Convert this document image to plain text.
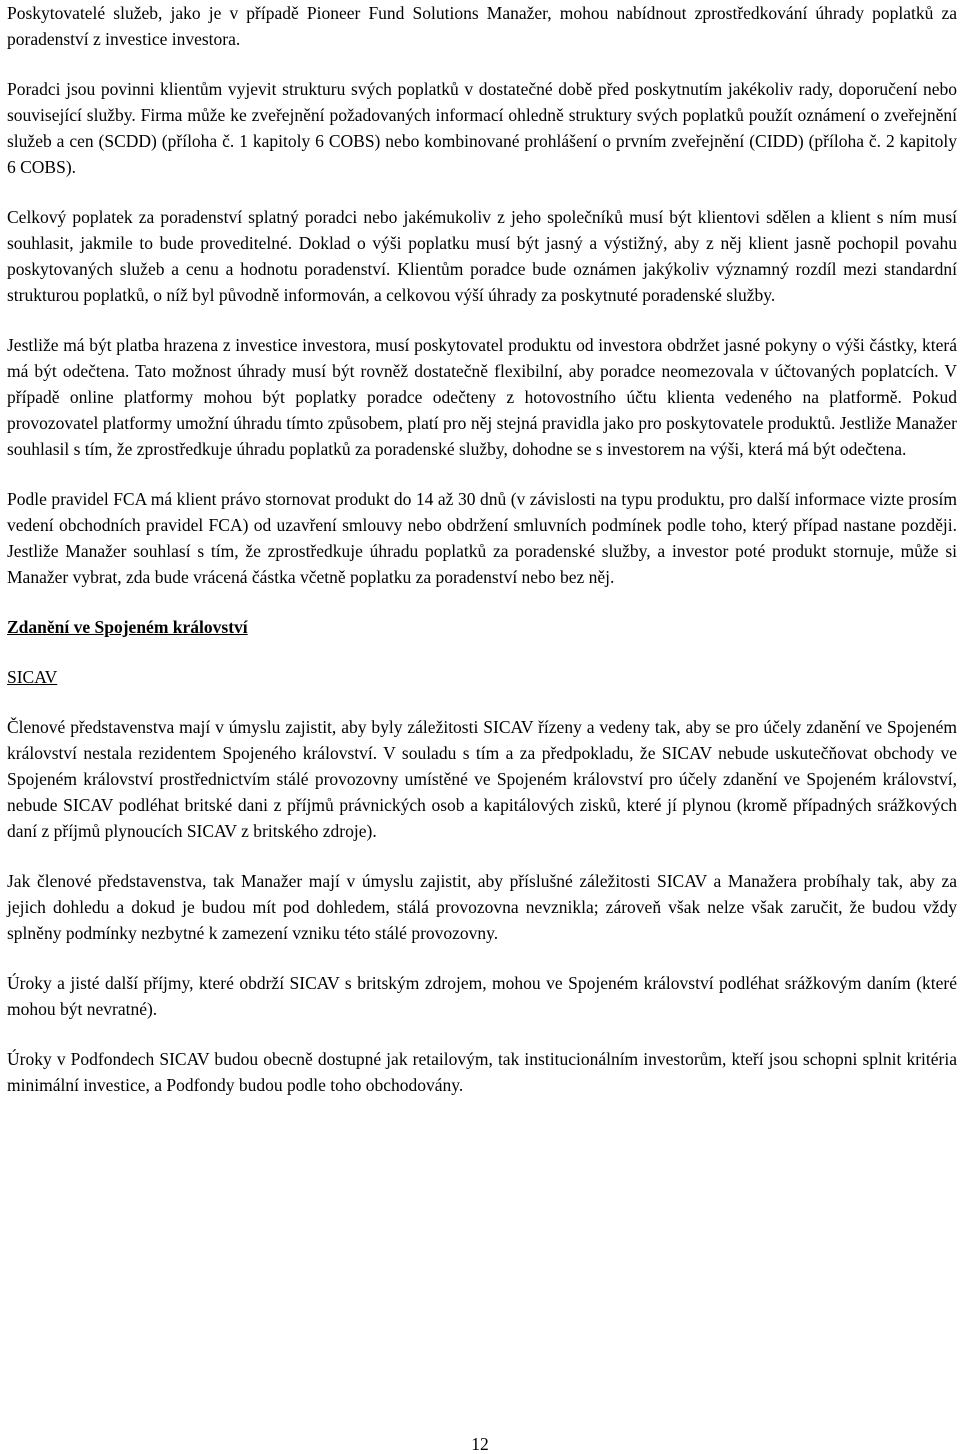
Poskytovatelé služeb, jako je v případě Pioneer Fund Solutions Manažer, mohou nabídnout zprostředkování úhrady poplatků za poradenství z investice investora.

Poradci jsou povinni klientům vyjevit strukturu svých poplatků v dostatečné době před poskytnutím jakékoliv rady, doporučení nebo související služby. Firma může ke zveřejnění požadovaných informací ohledně struktury svých poplatků použít oznámení o zveřejnění služeb a cen (SCDD) (příloha č. 1 kapitoly 6 COBS) nebo kombinované prohlášení o prvním zveřejnění (CIDD) (příloha č. 2 kapitoly 6 COBS).

Celkový poplatek za poradenství splatný poradci nebo jakémukoliv z jeho společníků musí být klientovi sdělen a klient s ním musí souhlasit, jakmile to bude proveditelné. Doklad o výši poplatku musí být jasný a výstižný, aby z něj klient jasně pochopil povahu poskytovaných služeb a cenu a hodnotu poradenství. Klientům poradce bude oznámen jakýkoliv významný rozdíl mezi standardní strukturou poplatků, o níž byl původně informován, a celkovou výší úhrady za poskytnuté poradenské služby.

Jestliže má být platba hrazena z investice investora, musí poskytovatel produktu od investora obdržet jasné pokyny o výši částky, která má být odečtena. Tato možnost úhrady musí být rovněž dostatečně flexibilní, aby poradce neomezovala v účtovaných poplatcích. V případě online platformy mohou být poplatky poradce odečteny z hotovostního účtu klienta vedeného na platformě. Pokud provozovatel platformy umožní úhradu tímto způsobem, platí pro něj stejná pravidla jako pro poskytovatele produktů. Jestliže Manažer souhlasil s tím, že zprostředkuje úhradu poplatků za poradenské služby, dohodne se s investorem na výši, která má být odečtena.

Podle pravidel FCA má klient právo stornovat produkt do 14 až 30 dnů (v závislosti na typu produktu, pro další informace vizte prosím vedení obchodních pravidel FCA) od uzavření smlouvy nebo obdržení smluvních podmínek podle toho, který případ nastane později. Jestliže Manažer souhlasí s tím, že zprostředkuje úhradu poplatků za poradenské služby, a investor poté produkt stornuje, může si Manažer vybrat, zda bude vrácená částka včetně poplatku za poradenství nebo bez něj.

Zdanění ve Spojeném království

SICAV

Členové představenstva mají v úmyslu zajistit, aby byly záležitosti SICAV řízeny a vedeny tak, aby se pro účely zdanění ve Spojeném království nestala rezidentem Spojeného království. V souladu s tím a za předpokladu, že SICAV nebude uskutečňovat obchody ve Spojeném království prostřednictvím stálé provozovny umístěné ve Spojeném království pro účely zdanění ve Spojeném království, nebude SICAV podléhat britské dani z příjmů právnických osob a kapitálových zisků, které jí plynou (kromě případných srážkových daní z příjmů plynoucích SICAV z britského zdroje).

Jak členové představenstva, tak Manažer mají v úmyslu zajistit, aby příslušné záležitosti SICAV a Manažera probíhaly tak, aby za jejich dohledu a dokud je budou mít pod dohledem, stálá provozovna nevznikla; zároveň však nelze však zaručit, že budou vždy splněny podmínky nezbytné k zamezení vzniku této stálé provozovny.

Úroky a jisté další příjmy, které obdrží SICAV s britským zdrojem, mohou ve Spojeném království podléhat srážkovým daním (které mohou být nevratné).

Úroky v Podfondech SICAV budou obecně dostupné jak retailovým, tak institucionálním investorům, kteří jsou schopni splnit kritéria minimální investice, a Podfondy budou podle toho obchodovány.

12
